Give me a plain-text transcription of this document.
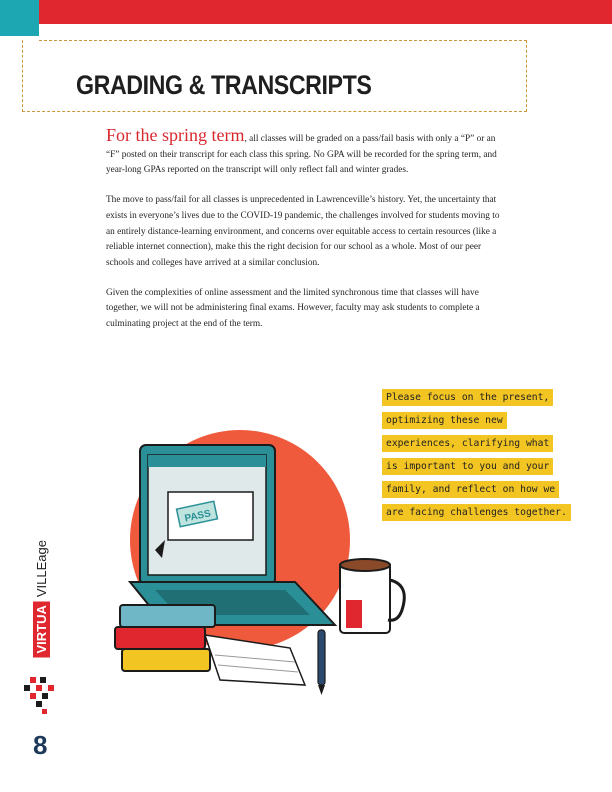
GRADING & TRANSCRIPTS

For the spring term, all classes will be graded on a pass/fail basis with only a “P” or an “F” posted on their transcript for each class this spring. No GPA will be recorded for the spring term, and year-long GPAs reported on the transcript will only reflect fall and winter grades.

The move to pass/fail for all classes is unprecedented in Lawrenceville’s history. Yet, the uncertainty that exists in everyone’s lives due to the COVID-19 pandemic, the challenges involved for students moving to an entirely distance-learning environment, and concerns over equitable access to certain resources (like a reliable internet connection), make this the right decision for our school as a whole. Most of our peer schools and colleges have arrived at a similar conclusion.

Given the complexities of online assessment and the limited synchronous time that classes will have together, we will not be administering final exams. However, faculty may ask students to complete a culminating project at the end of the term.

Please focus on the present,
optimizing these new
experiences, clarifying what
is important to you and your
family, and reflect on how we
are facing challenges together.
PASS
VIRTUAVILLEage
8
